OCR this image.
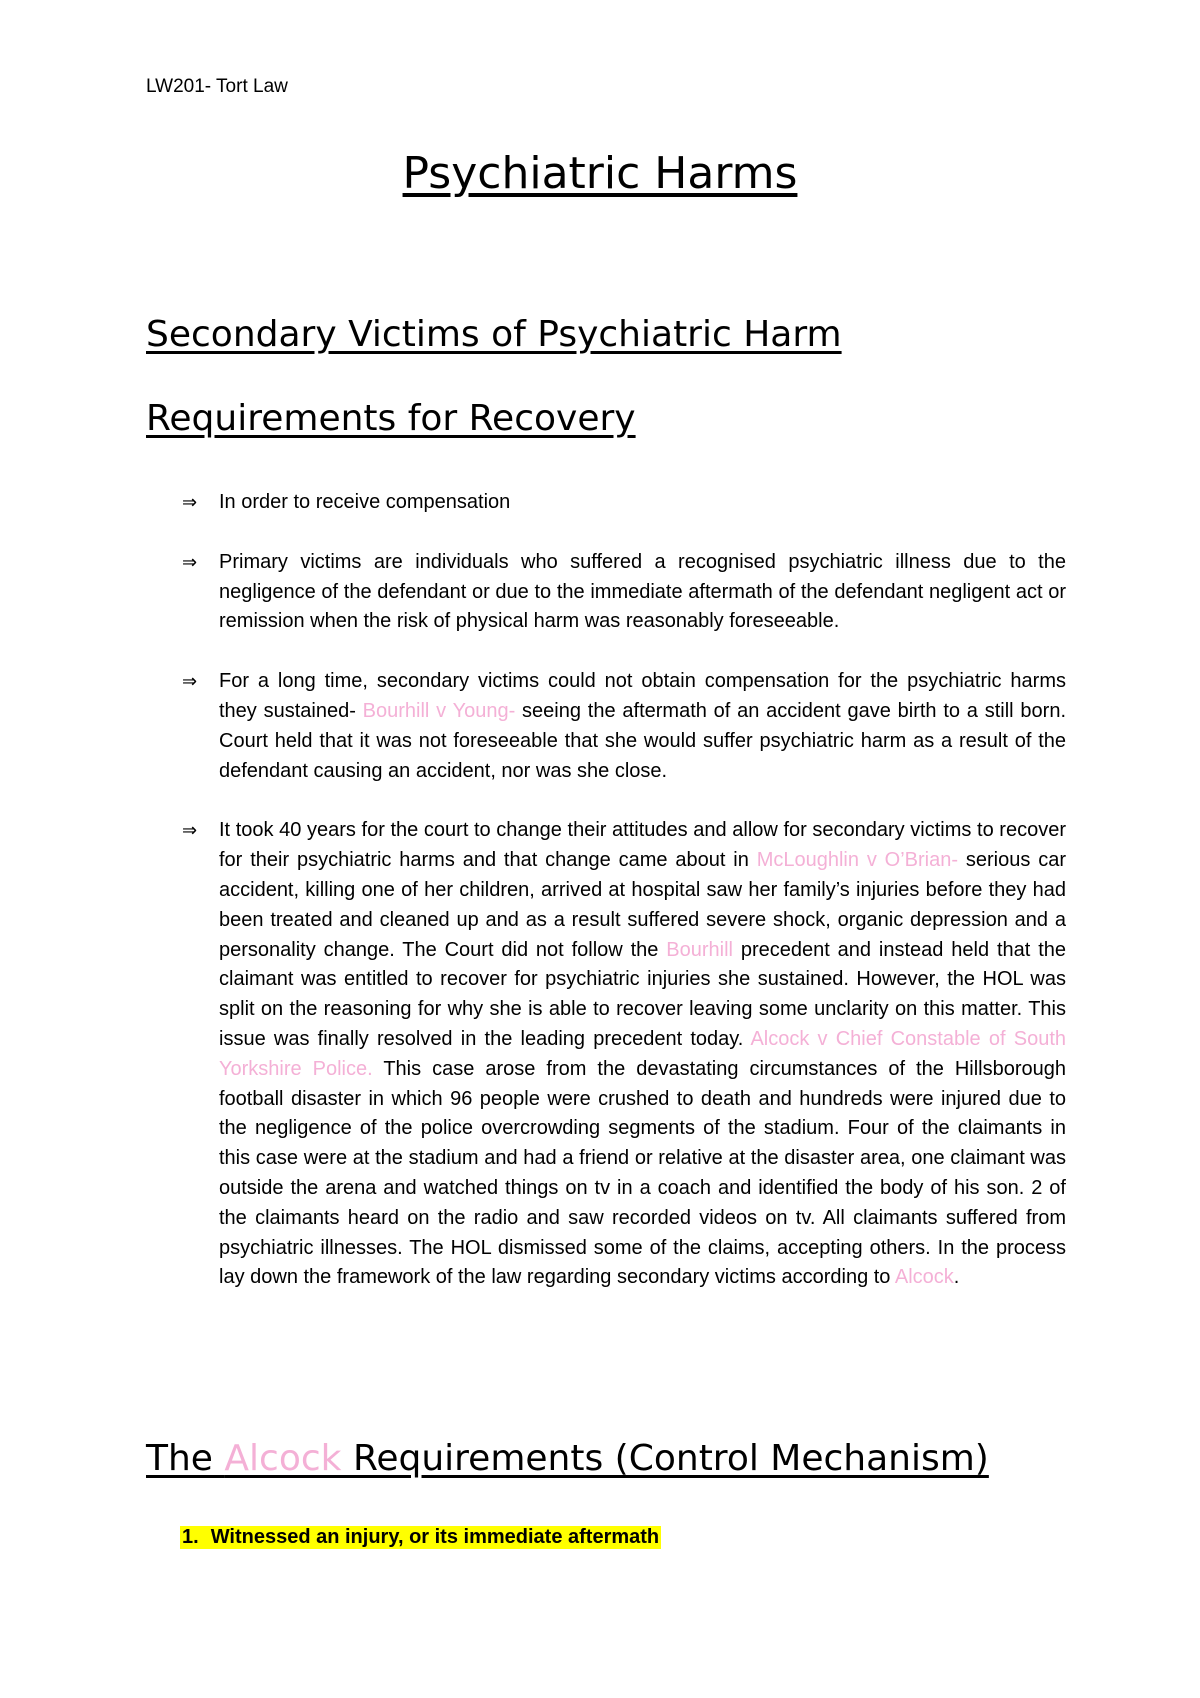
LW201- Tort Law
Psychiatric Harms
Secondary Victims of Psychiatric Harm
Requirements for Recovery
⇒ In order to receive compensation
⇒ Primary victims are individuals who suffered a recognised psychiatric illness due to the negligence of the defendant or due to the immediate aftermath of the defendant negligent act or remission when the risk of physical harm was reasonably foreseeable.
⇒ For a long time, secondary victims could not obtain compensation for the psychiatric harms they sustained- Bourhill v Young- seeing the aftermath of an accident gave birth to a still born. Court held that it was not foreseeable that she would suffer psychiatric harm as a result of the defendant causing an accident, nor was she close.
⇒ It took 40 years for the court to change their attitudes and allow for secondary victims to recover for their psychiatric harms and that change came about in McLoughlin v O’Brian- serious car accident, killing one of her children, arrived at hospital saw her family’s injuries before they had been treated and cleaned up and as a result suffered severe shock, organic depression and a personality change. The Court did not follow the Bourhill precedent and instead held that the claimant was entitled to recover for psychiatric injuries she sustained. However, the HOL was split on the reasoning for why she is able to recover leaving some unclarity on this matter. This issue was finally resolved in the leading precedent today. Alcock v Chief Constable of South Yorkshire Police. This case arose from the devastating circumstances of the Hillsborough football disaster in which 96 people were crushed to death and hundreds were injured due to the negligence of the police overcrowding segments of the stadium. Four of the claimants in this case were at the stadium and had a friend or relative at the disaster area, one claimant was outside the arena and watched things on tv in a coach and identified the body of his son. 2 of the claimants heard on the radio and saw recorded videos on tv. All claimants suffered from psychiatric illnesses. The HOL dismissed some of the claims, accepting others. In the process lay down the framework of the law regarding secondary victims according to Alcock.
The Alcock Requirements (Control Mechanism)
1. Witnessed an injury, or its immediate aftermath
